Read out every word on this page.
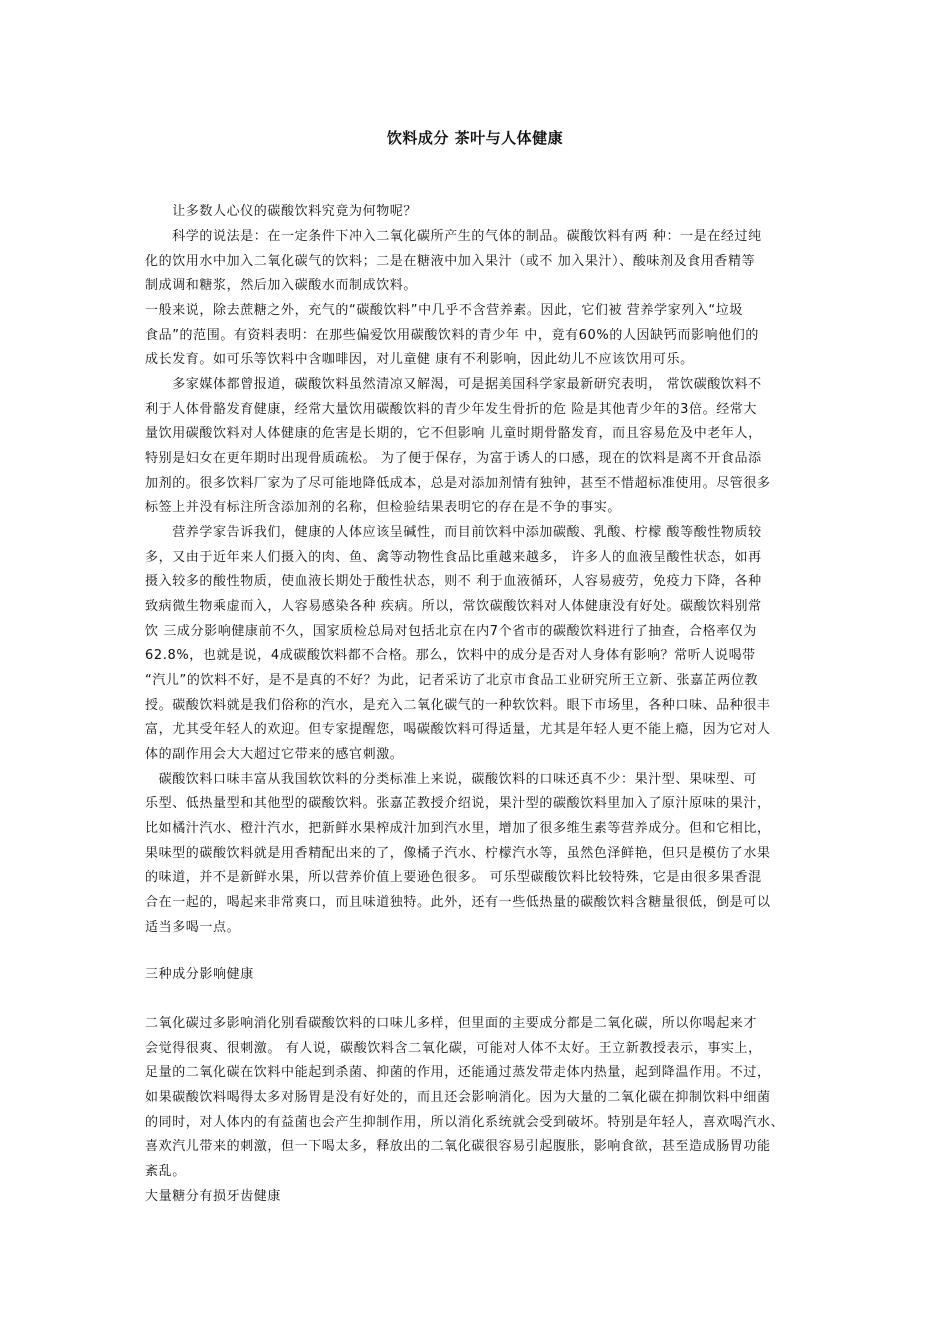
饮料成分 茶叶与人体健康
　　让多数人心仪的碳酸饮料究竟为何物呢？
　　科学的说法是：在一定条件下冲入二氧化碳所产生的气体的制品。碳酸饮料有两 种：一是在经过纯
化的饮用水中加入二氧化碳气的饮料；二是在糖液中加入果汁（或不 加入果汁）、酸味剂及食用香精等
制成调和糖浆，然后加入碳酸水而制成饮料。
一般来说，除去蔗糖之外，充气的“碳酸饮料”中几乎不含营养素。因此，它们被 营养学家列入“垃圾
食品”的范围。有资料表明：在那些偏爱饮用碳酸饮料的青少年 中，竟有60%的人因缺钙而影响他们的
成长发育。如可乐等饮料中含咖啡因，对儿童健 康有不利影响，因此幼儿不应该饮用可乐。
　　多家媒体都曾报道，碳酸饮料虽然清凉又解渴，可是据美国科学家最新研究表明， 常饮碳酸饮料不
利于人体骨骼发育健康，经常大量饮用碳酸饮料的青少年发生骨折的危 险是其他青少年的3倍。经常大
量饮用碳酸饮料对人体健康的危害是长期的，它不但影响 儿童时期骨骼发育，而且容易危及中老年人，
特别是妇女在更年期时出现骨质疏松。 为了便于保存，为富于诱人的口感，现在的饮料是离不开食品添
加剂的。很多饮料厂家为了尽可能地降低成本，总是对添加剂情有独钟，甚至不惜超标准使用。尽管很多
标签上并没有标注所含添加剂的名称，但检验结果表明它的存在是不争的事实。
　　营养学家告诉我们，健康的人体应该呈碱性，而目前饮料中添加碳酸、乳酸、柠檬 酸等酸性物质较
多，又由于近年来人们摄入的肉、鱼、禽等动物性食品比重越来越多， 许多人的血液呈酸性状态，如再
摄入较多的酸性物质，使血液长期处于酸性状态，则不 利于血液循环，人容易疲劳，免疫力下降，各种
致病微生物乘虚而入，人容易感染各种 疾病。所以，常饮碳酸饮料对人体健康没有好处。碳酸饮料别常
饮 三成分影响健康前不久，国家质检总局对包括北京在内7个省市的碳酸饮料进行了抽查，合格率仅为
62.8%，也就是说，4成碳酸饮料都不合格。那么，饮料中的成分是否对人身体有影响？常听人说喝带
“汽儿”的饮料不好，是不是真的不好？为此，记者采访了北京市食品工业研究所王立新、张嘉芷两位教
授。碳酸饮料就是我们俗称的汽水，是充入二氧化碳气的一种软饮料。眼下市场里，各种口味、品种很丰
富，尤其受年轻人的欢迎。但专家提醒您，喝碳酸饮料可得适量，尤其是年轻人更不能上瘾，因为它对人
体的副作用会大大超过它带来的感官刺激。
　碳酸饮料口味丰富从我国软饮料的分类标准上来说，碳酸饮料的口味还真不少：果汁型、果味型、可
乐型、低热量型和其他型的碳酸饮料。张嘉芷教授介绍说，果汁型的碳酸饮料里加入了原汁原味的果汁，
比如橘汁汽水、橙汁汽水，把新鲜水果榨成汁加到汽水里，增加了很多维生素等营养成分。但和它相比，
果味型的碳酸饮料就是用香精配出来的了，像橘子汽水、柠檬汽水等，虽然色泽鲜艳，但只是模仿了水果
的味道，并不是新鲜水果，所以营养价值上要逊色很多。 可乐型碳酸饮料比较特殊，它是由很多果香混
合在一起的，喝起来非常爽口，而且味道独特。此外，还有一些低热量的碳酸饮料含糖量很低，倒是可以
适当多喝一点。
三种成分影响健康
二氧化碳过多影响消化别看碳酸饮料的口味儿多样，但里面的主要成分都是二氧化碳，所以你喝起来才
会觉得很爽、很刺激。 有人说，碳酸饮料含二氧化碳，可能对人体不太好。王立新教授表示，事实上，
足量的二氧化碳在饮料中能起到杀菌、抑菌的作用，还能通过蒸发带走体内热量，起到降温作用。不过，
如果碳酸饮料喝得太多对肠胃是没有好处的，而且还会影响消化。因为大量的二氧化碳在抑制饮料中细菌
的同时，对人体内的有益菌也会产生抑制作用，所以消化系统就会受到破坏。特别是年轻人，喜欢喝汽水、
喜欢汽儿带来的刺激，但一下喝太多，释放出的二氧化碳很容易引起腹胀，影响食欲，甚至造成肠胃功能
紊乱。
大量糖分有损牙齿健康
